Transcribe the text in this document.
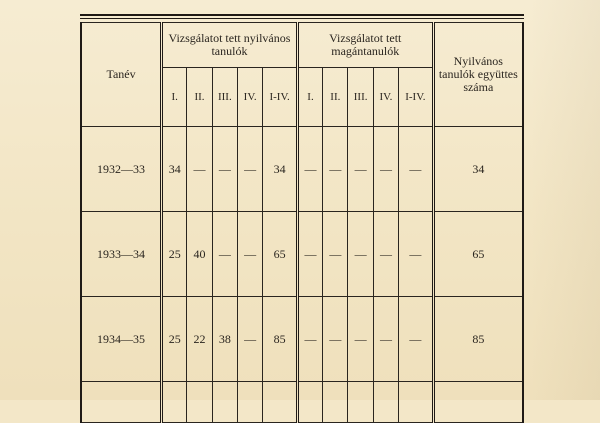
Tanév	Vizsgálatot tett nyilvános tanulók					Vizsgálatot tett magántanulók					Nyilvános tanulók együttes száma
	I.	II.	III.	IV.	I-IV.	I.	II.	III.	IV.	I-IV.	
1932—33	34	—	—	—	34	—	—	—	—	—	34
1933—34	25	40	—	—	65	—	—	—	—	—	65
1934—35	25	22	38	—	85	—	—	—	—	—	85
